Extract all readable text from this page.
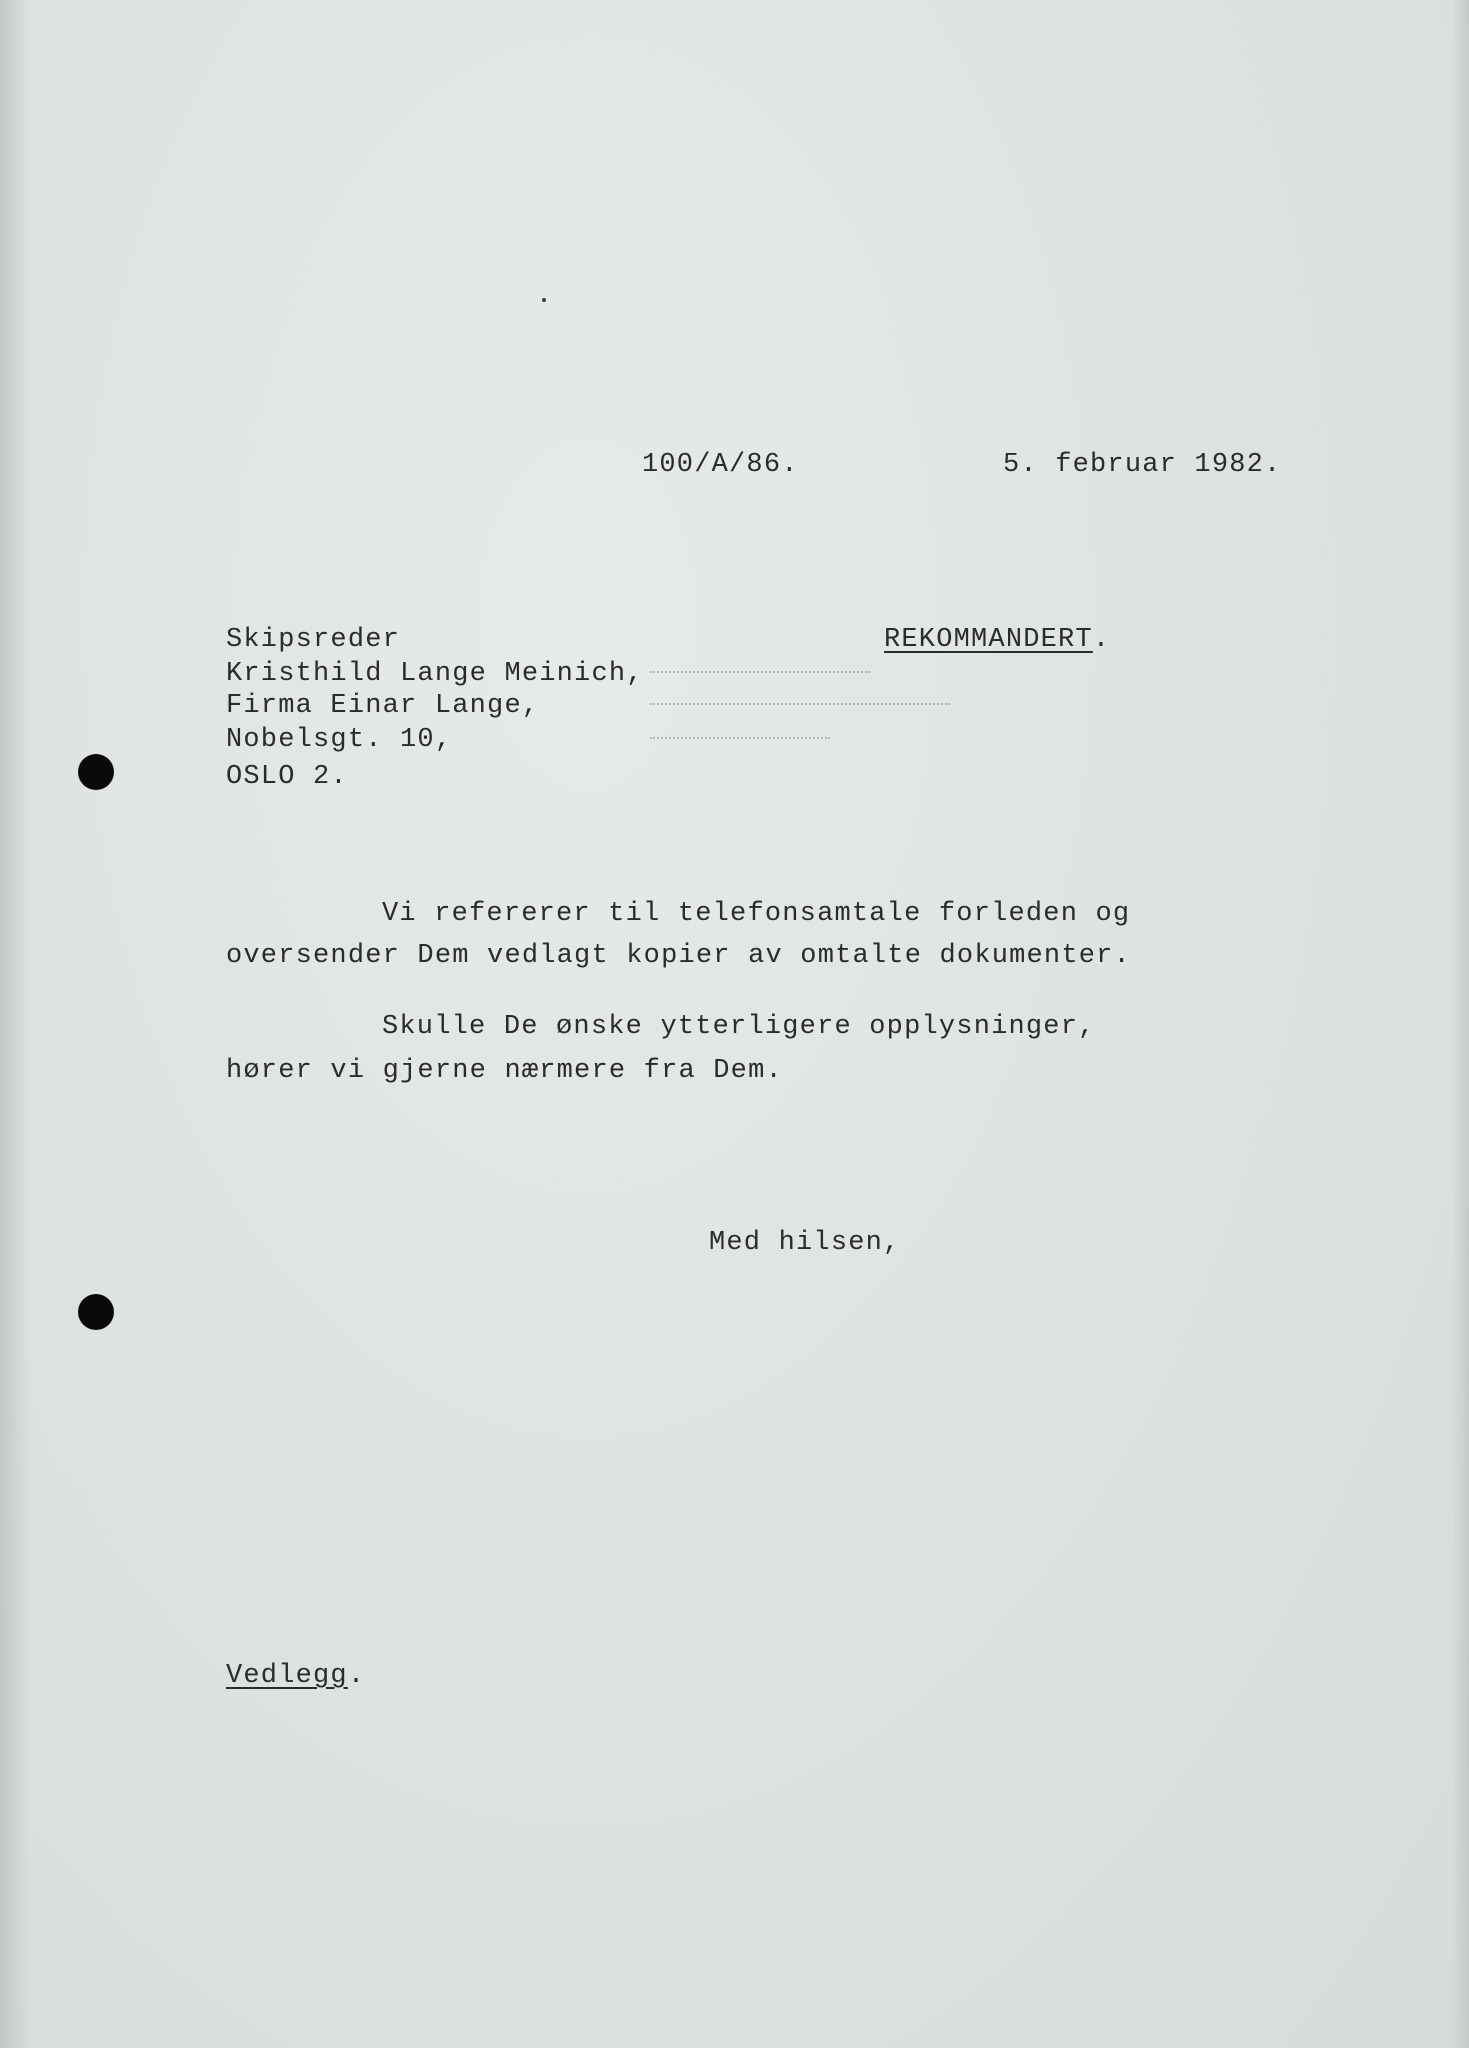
100/A/86.	5. februar 1982.
Skipsreder	REKOMMANDERT.
Kristhild Lange Meinich,
Firma Einar Lange,
Nobelsgt. 10,
OSLO 2.
Vi refererer til telefonsamtale forleden og
oversender Dem vedlagt kopier av omtalte dokumenter.
Skulle De ønske ytterligere opplysninger,
hører vi gjerne nærmere fra Dem.
Med hilsen,
Vedlegg.
